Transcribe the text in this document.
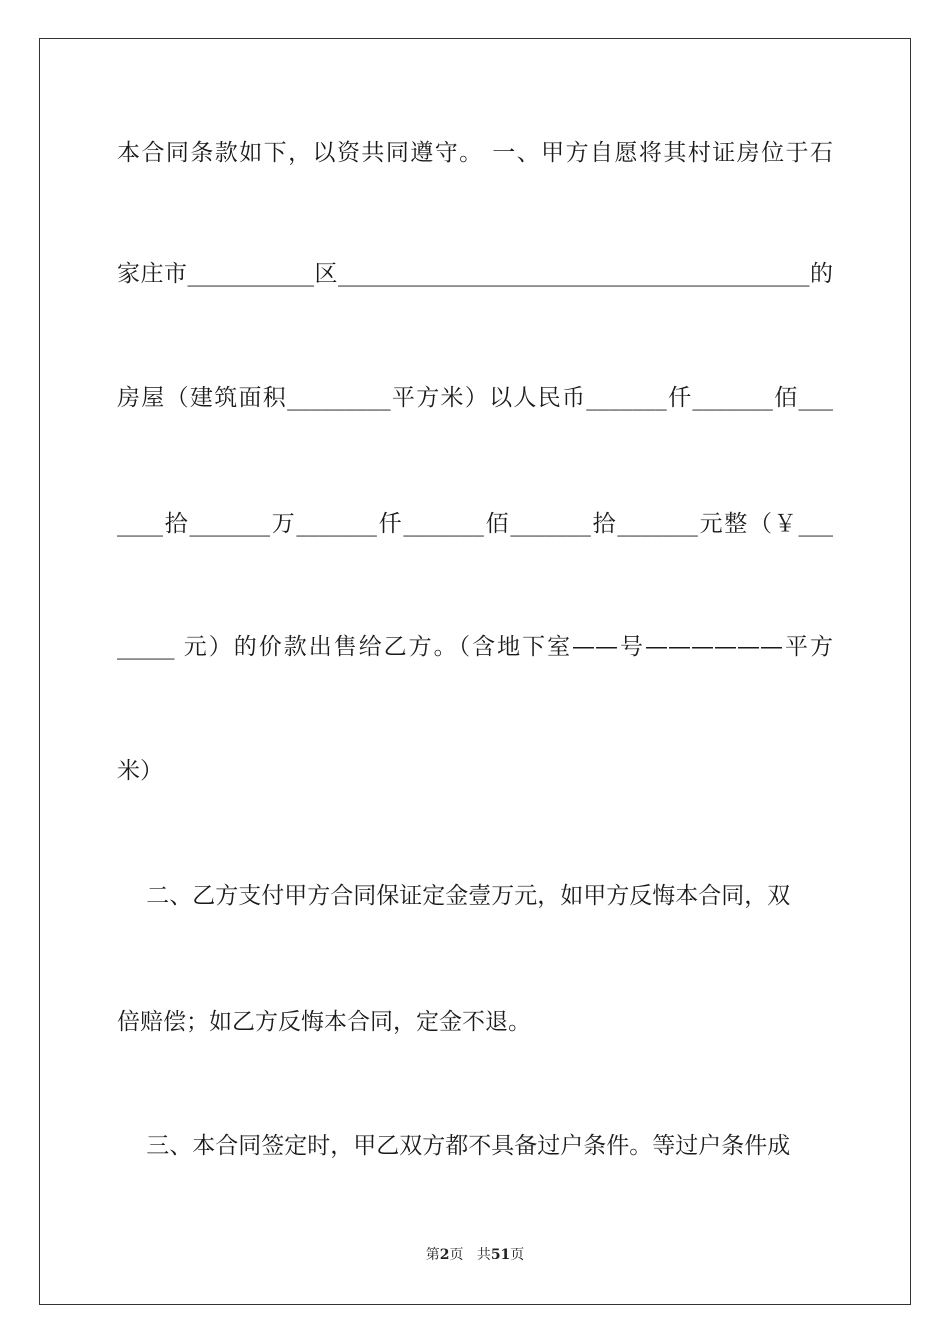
本合同条款如下，以资共同遵守。 一、甲方自愿将其村证房位于石
家庄市___________区_________________________________________的
房屋（建筑面积_________平方米）以人民币_______仟_______佰___
____拾_______万_______仟_______佰_______拾_______元整（￥___
_____ 元）的价款出售给乙方。（含地下室——号——————平方
米）
二、乙方支付甲方合同保证定金壹万元，如甲方反悔本合同，双
倍赔偿；如乙方反悔本合同，定金不退。
三、本合同签定时，甲乙双方都不具备过户条件。等过户条件成
第2页 共51页
